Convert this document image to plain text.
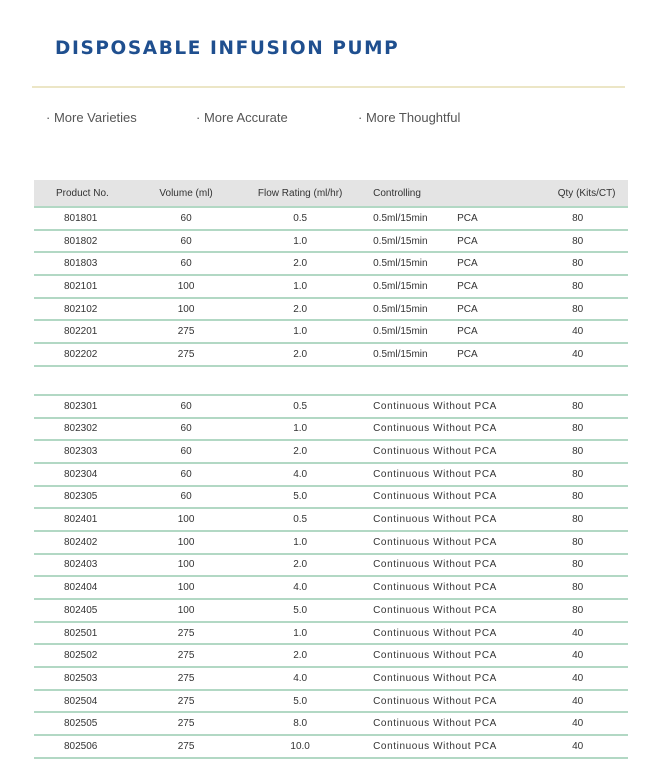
DISPOSABLE INFUSION PUMP
· More Varieties	· More Accurate	· More Thoughtful
Product No.	Volume (ml)	Flow Rating (ml/hr)	Controlling	Qty (Kits/CT)
801801	60	0.5	0.5ml/15min PCA	80
801802	60	1.0	0.5ml/15min PCA	80
801803	60	2.0	0.5ml/15min PCA	80
802101	100	1.0	0.5ml/15min PCA	80
802102	100	2.0	0.5ml/15min PCA	80
802201	275	1.0	0.5ml/15min PCA	40
802202	275	2.0	0.5ml/15min PCA	40

802301	60	0.5	Continuous Without PCA	80
802302	60	1.0	Continuous Without PCA	80
802303	60	2.0	Continuous Without PCA	80
802304	60	4.0	Continuous Without PCA	80
802305	60	5.0	Continuous Without PCA	80
802401	100	0.5	Continuous Without PCA	80
802402	100	1.0	Continuous Without PCA	80
802403	100	2.0	Continuous Without PCA	80
802404	100	4.0	Continuous Without PCA	80
802405	100	5.0	Continuous Without PCA	80
802501	275	1.0	Continuous Without PCA	40
802502	275	2.0	Continuous Without PCA	40
802503	275	4.0	Continuous Without PCA	40
802504	275	5.0	Continuous Without PCA	40
802505	275	8.0	Continuous Without PCA	40
802506	275	10.0	Continuous Without PCA	40
